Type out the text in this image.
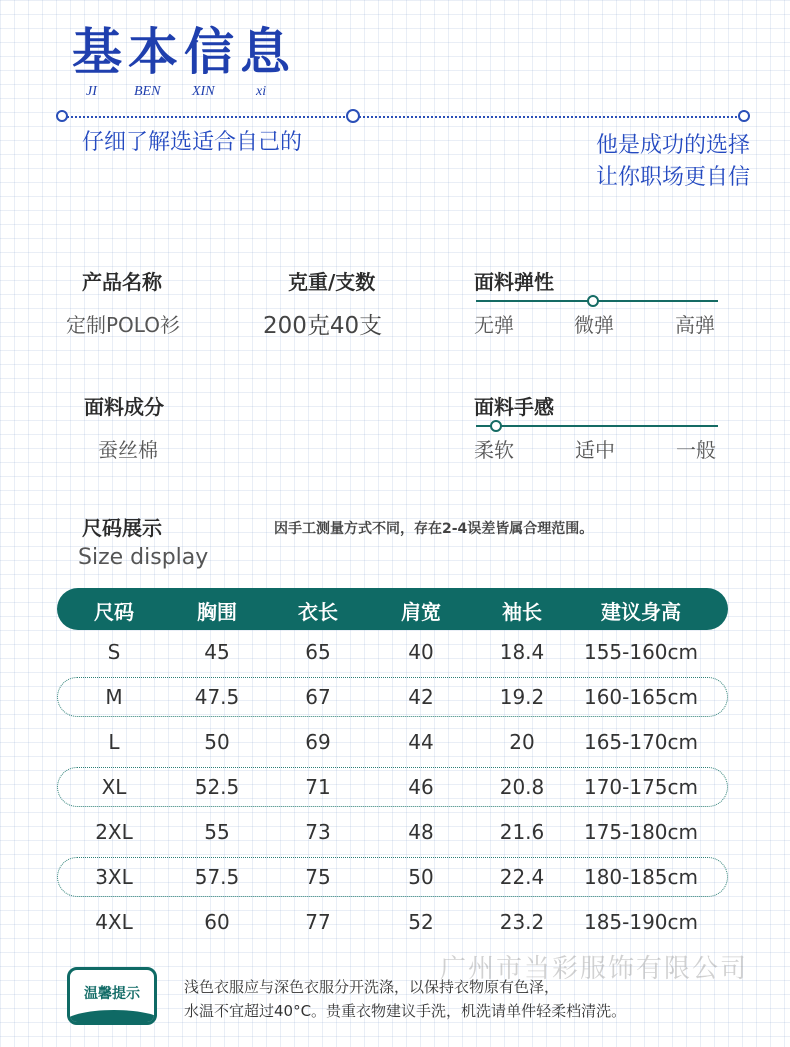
基本信息
JI	BEN XIN	xi
仔细了解选适合自己的	他是成功的选择
让你职场更自信
产品名称
定制POLO衫
克重/支数
200克40支
面料弹性
无弹	微弹	高弹
面料成分
蚕丝棉
面料手感
柔软	适中	一般
尺码展示
Size display
因手工测量方式不同，存在2-4误差皆属合理范围。
尺码	胸围	衣长	肩宽	袖长	建议身高
S	45	65	40	18.4	155-160cm
M	47.5	67	42	19.2	160-165cm
L	50	69	44	20	165-170cm
XL	52.5	71	46	20.8	170-175cm
2XL	55	73	48	21.6	175-180cm
3XL	57.5	75	50	22.4	180-185cm
4XL	60	77	52	23.2	185-190cm
温馨提示	浅色衣服应与深色衣服分开洗涤，以保持衣物原有色泽，
水温不宜超过40°C。贵重衣物建议手洗，机洗请单件轻柔档清洗。
广州市当彩服饰有限公司
